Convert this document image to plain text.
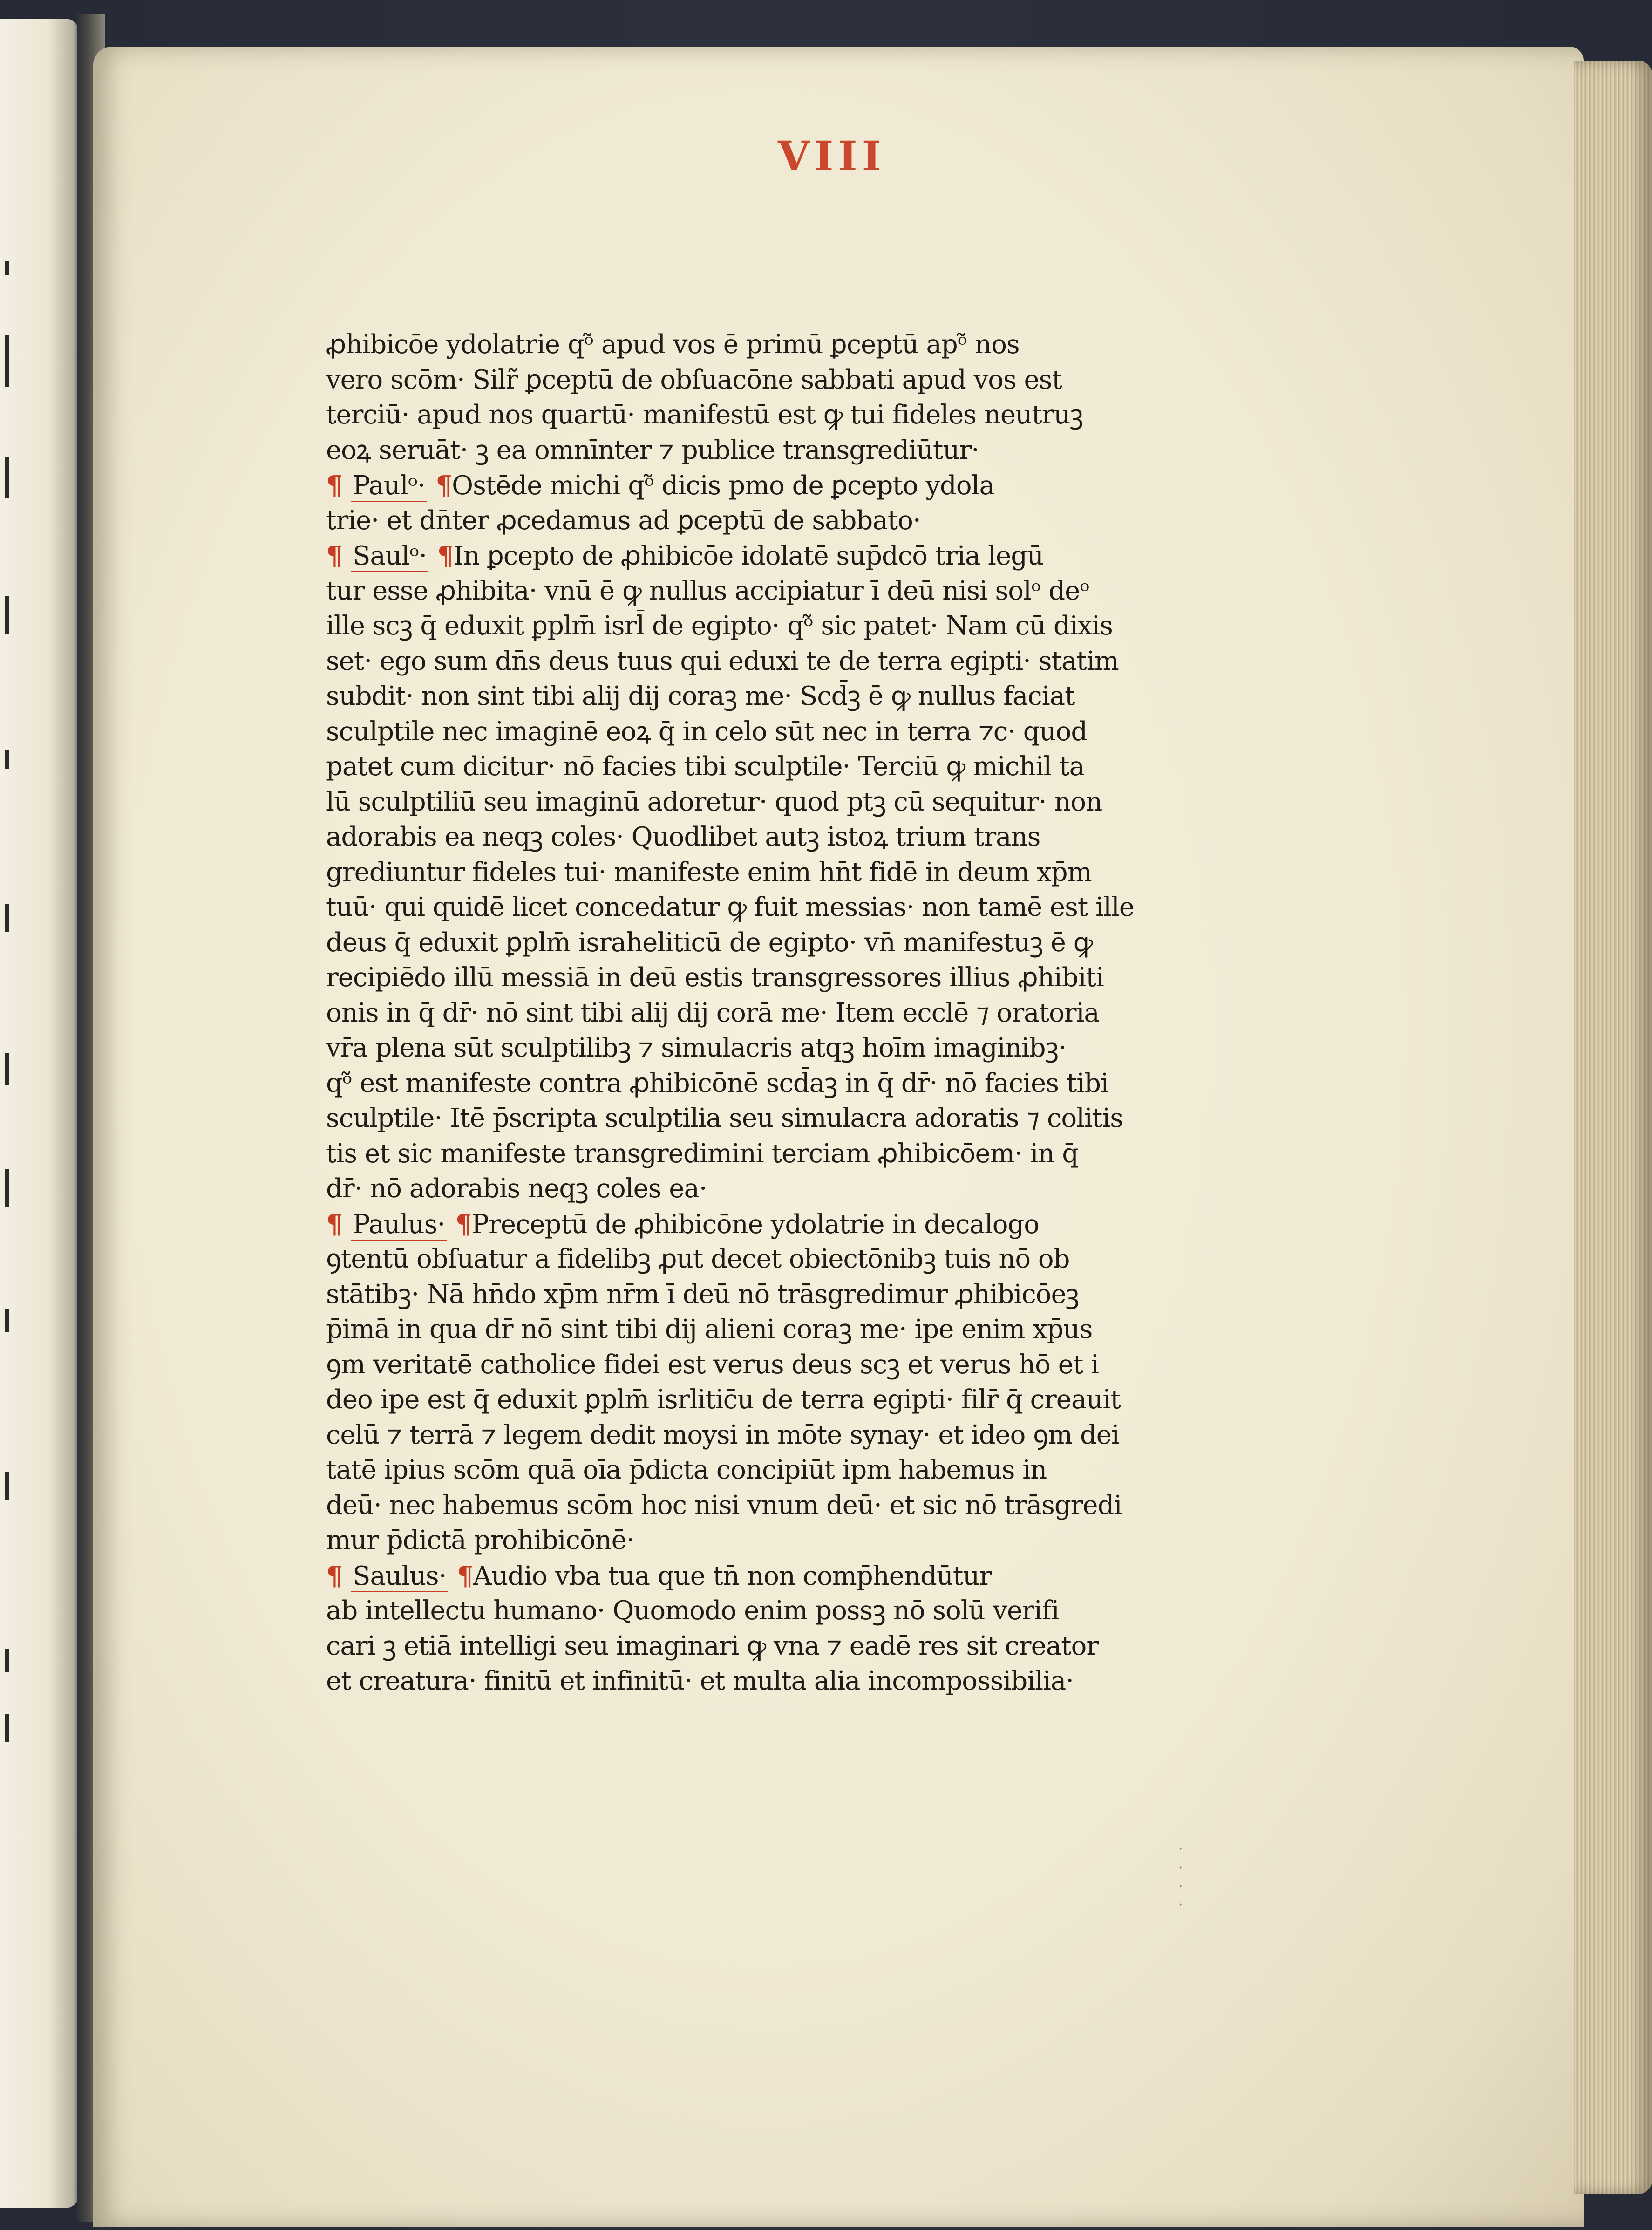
VIII
ꝓhibicōe ydolatrie qᵒ̃ apud vos ē primū ꝑceptū apᵒ̃ nos
vero scōm· Silr̃ ꝑceptū de obſuacōne sabbati apud vos est
terciū· apud nos quartū· manifestū est ꝙ tui fideles neutruꝫ
eoꝝ seruāt· ꝫ ea omnīnter ⁊ publice transgrediūtur·
¶ Paulᵒ· ¶Ostēde michi qᵒ̃ dicis pmo de ꝑcepto ydola
trie· et dn̄ter ꝓcedamus ad ꝑceptū de sabbato·
¶ Saulᵒ· ¶In ꝑcepto de ꝓhibicōe idolatē sup̄dcō tria legū
tur esse ꝓhibita· vnū ē ꝙ nullus accipiatur ī deū nisi solᵒ deᵒ
ille scꝫ q̄ eduxit ꝑplm̄ isrl̄ de egipto· qᵒ̃ sic patet· Nam cū dixis
set· ego sum dn̄s deus tuus qui eduxi te de terra egipti· statim
subdit· non sint tibi alij dij coraꝫ me· Scd̄ꝫ ē ꝙ nullus faciat
sculptile nec imaginē eoꝝ q̄ in celo sūt nec in terra ⁊c· quod
patet cum dicitur· nō facies tibi sculptile· Terciū ꝙ michil ta
lū sculptiliū seu imaginū adoretur· quod ptꝫ cū sequitur· non
adorabis ea neqꝫ coles· Quodlibet autꝫ istoꝝ trium trans
grediuntur fideles tui· manifeste enim hn̄t fidē in deum xp̄m
tuū· qui quidē licet concedatur ꝙ fuit messias· non tamē est ille
deus q̄ eduxit ꝑplm̄ israheliticū de egipto· vn̄ manifestuꝫ ē ꝙ
recipiēdo illū messiā in deū estis transgressores illius ꝓhibiti
onis in q̄ dr̄· nō sint tibi alij dij corā me· Item ecclē ⁊ oratoria
vr̄a plena sūt sculptilibꝫ ⁊ simulacris atqꝫ hoīm imaginibꝫ·
qᵒ̃ est manifeste contra ꝓhibicōnē scd̄aꝫ in q̄ dr̄· nō facies tibi
sculptile· Itē p̄scripta sculptilia seu simulacra adoratis ⁊ colitis
tis et sic manifeste transgredimini terciam ꝓhibicōem· in q̄
dr̄· nō adorabis neqꝫ coles ea·
¶ Paulus· ¶Preceptū de ꝓhibicōne ydolatrie in decalogo
ꝯtentū obſuatur a fidelibꝫ ꝓut decet obiectōnibꝫ tuis nō ob
stātibꝫ· Nā hn̄do xp̄m nr̄m ī deū nō trāsgredimur ꝓhibicōeꝫ
p̄imā in qua dr̄ nō sint tibi dij alieni coraꝫ me· ipe enim xp̄us
ꝯm veritatē catholice fidei est verus deus scꝫ et verus hō et i
deo ipe est q̄ eduxit ꝑplm̄ isrlitic̄u de terra egipti· filr̄ q̄ creauit
celū ⁊ terrā ⁊ legem dedit moysi in mōte synay· et ideo ꝯm dei
tatē ipius scōm quā oīa p̄dicta concipiūt ipm habemus in
deū· nec habemus scōm hoc nisi vnum deū· et sic nō trāsgredi
mur p̄dictā prohibicōnē·
¶ Saulus· ¶Audio vba tua que tn̄ non comp̄hendūtur
ab intellectu humano· Quomodo enim possꝫ nō solū verifi
cari ꝫ etiā intelligi seu imaginari ꝙ vna ⁊ eadē res sit creator
et creatura· finitū et infinitū· et multa alia incompossibilia·
·
·
·
·
